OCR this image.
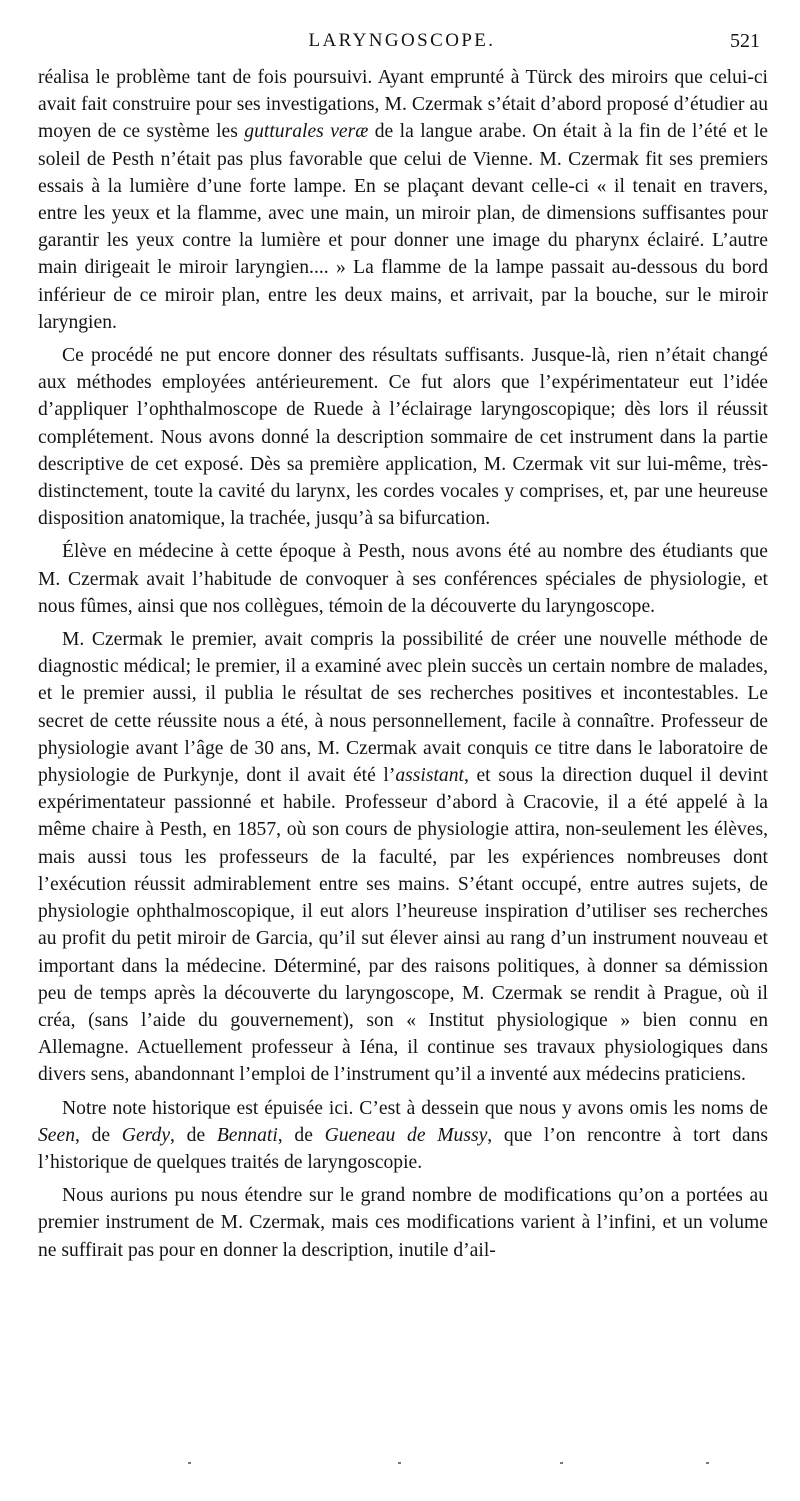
LARYNGOSCOPE.	521

réalisa le problème tant de fois poursuivi. Ayant emprunté à Türck des miroirs que celui-ci avait fait construire pour ses investigations, M. Czermak s’était d’abord proposé d’étudier au moyen de ce système les gutturales veræ de la langue arabe. On était à la fin de l’été et le soleil de Pesth n’était pas plus favorable que celui de Vienne. M. Czermak fit ses premiers essais à la lumière d’une forte lampe. En se plaçant devant celle-ci « il tenait en travers, entre les yeux et la flamme, avec une main, un miroir plan, de dimensions suffisantes pour garantir les yeux contre la lumière et pour donner une image du pharynx éclairé. L’autre main dirigeait le miroir laryngien.... » La flamme de la lampe passait au-dessous du bord inférieur de ce miroir plan, entre les deux mains, et arrivait, par la bouche, sur le miroir laryngien.

Ce procédé ne put encore donner des résultats suffisants. Jusque-là, rien n’était changé aux méthodes employées antérieurement. Ce fut alors que l’expérimentateur eut l’idée d’appliquer l’ophthalmoscope de Ruede à l’éclairage laryngoscopique; dès lors il réussit complétement. Nous avons donné la description sommaire de cet instrument dans la partie descriptive de cet exposé. Dès sa première application, M. Czermak vit sur lui-même, très-distinctement, toute la cavité du larynx, les cordes vocales y comprises, et, par une heureuse disposition anatomique, la trachée, jusqu’à sa bifurcation.

Élève en médecine à cette époque à Pesth, nous avons été au nombre des étudiants que M. Czermak avait l’habitude de convoquer à ses conférences spéciales de physiologie, et nous fûmes, ainsi que nos collègues, témoin de la découverte du laryngoscope.

M. Czermak le premier, avait compris la possibilité de créer une nouvelle méthode de diagnostic médical; le premier, il a examiné avec plein succès un certain nombre de malades, et le premier aussi, il publia le résultat de ses recherches positives et incontestables. Le secret de cette réussite nous a été, à nous personnellement, facile à connaître. Professeur de physiologie avant l’âge de 30 ans, M. Czermak avait conquis ce titre dans le laboratoire de physiologie de Purkynje, dont il avait été l’assistant, et sous la direction duquel il devint expérimentateur passionné et habile. Professeur d’abord à Cracovie, il a été appelé à la même chaire à Pesth, en 1857, où son cours de physiologie attira, non-seulement les élèves, mais aussi tous les professeurs de la faculté, par les expériences nombreuses dont l’exécution réussit admirablement entre ses mains. S’étant occupé, entre autres sujets, de physiologie ophthalmoscopique, il eut alors l’heureuse inspiration d’utiliser ses recherches au profit du petit miroir de Garcia, qu’il sut élever ainsi au rang d’un instrument nouveau et important dans la médecine. Déterminé, par des raisons politiques, à donner sa démission peu de temps après la découverte du laryngoscope, M. Czermak se rendit à Prague, où il créa, (sans l’aide du gouvernement), son « Institut physiologique » bien connu en Allemagne. Actuellement professeur à Iéna, il continue ses travaux physiologiques dans divers sens, abandonnant l’emploi de l’instrument qu’il a inventé aux médecins praticiens.

Notre note historique est épuisée ici. C’est à dessein que nous y avons omis les noms de Seen, de Gerdy, de Bennati, de Gueneau de Mussy, que l’on rencontre à tort dans l’historique de quelques traités de laryngoscopie.

Nous aurions pu nous étendre sur le grand nombre de modifications qu’on a portées au premier instrument de M. Czermak, mais ces modifications varient à l’infini, et un volume ne suffirait pas pour en donner la description, inutile d’ail-
